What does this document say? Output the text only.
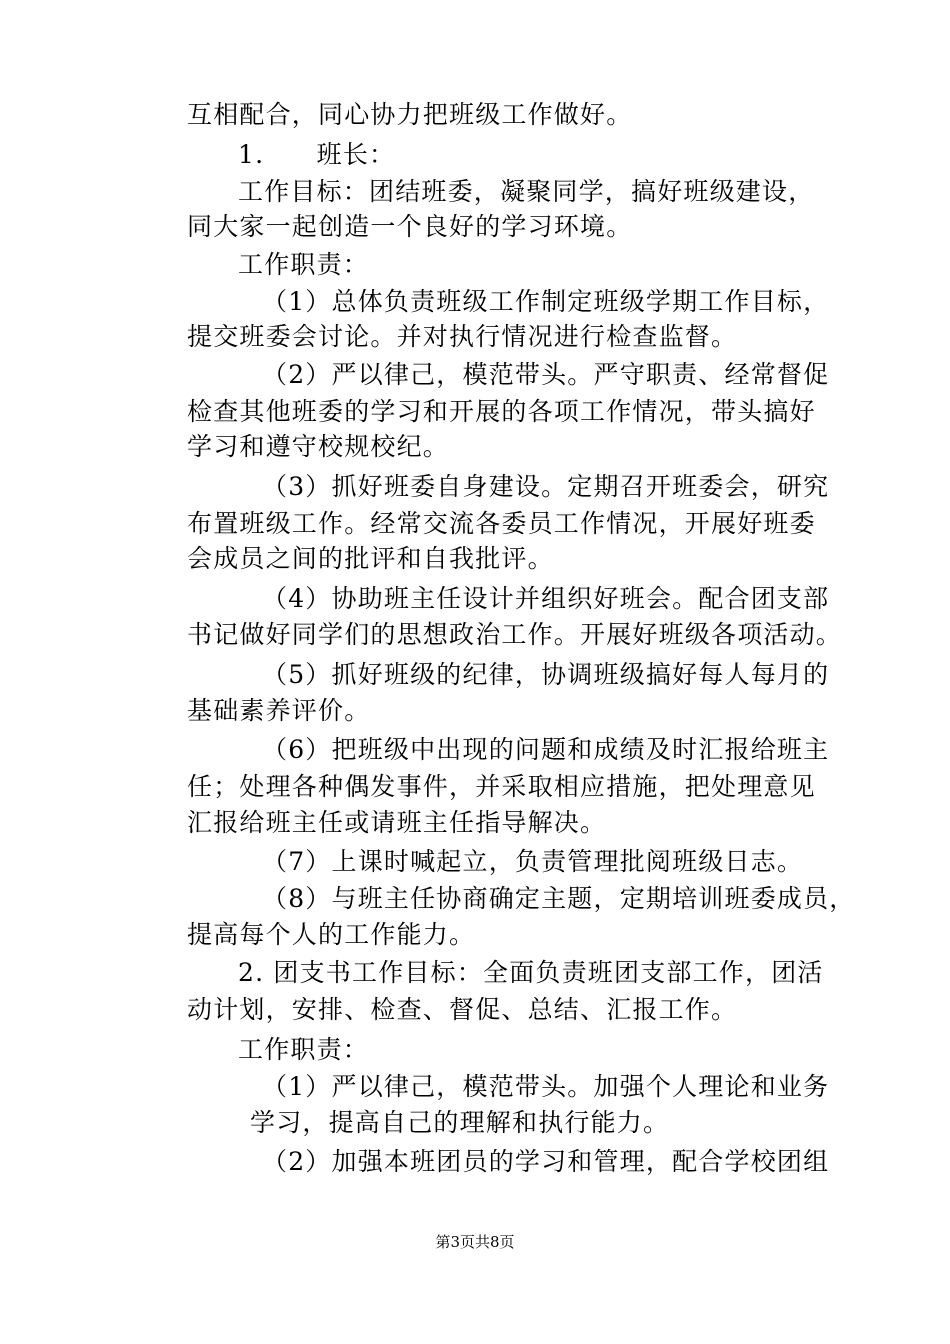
互相配合，同心协力把班级工作做好。
1.　　班长：
工作目标：团结班委，凝聚同学，搞好班级建设，
同大家一起创造一个良好的学习环境。
工作职责：
（1）总体负责班级工作制定班级学期工作目标，
提交班委会讨论。并对执行情况进行检查监督。
（2）严以律己，模范带头。严守职责、经常督促
检查其他班委的学习和开展的各项工作情况，带头搞好
学习和遵守校规校纪。
（3）抓好班委自身建设。定期召开班委会，研究
布置班级工作。经常交流各委员工作情况，开展好班委
会成员之间的批评和自我批评。
（4）协助班主任设计并组织好班会。配合团支部
书记做好同学们的思想政治工作。开展好班级各项活动。
（5）抓好班级的纪律，协调班级搞好每人每月的
基础素养评价。
（6）把班级中出现的问题和成绩及时汇报给班主
任；处理各种偶发事件，并采取相应措施，把处理意见
汇报给班主任或请班主任指导解决。
（7）上课时喊起立，负责管理批阅班级日志。
（8）与班主任协商确定主题，定期培训班委成员，
提高每个人的工作能力。
2. 团支书工作目标：全面负责班团支部工作，团活
动计划，安排、检查、督促、总结、汇报工作。
工作职责：
（1）严以律己，模范带头。加强个人理论和业务
学习，提高自己的理解和执行能力。
（2）加强本班团员的学习和管理，配合学校团组
第3页共8页
